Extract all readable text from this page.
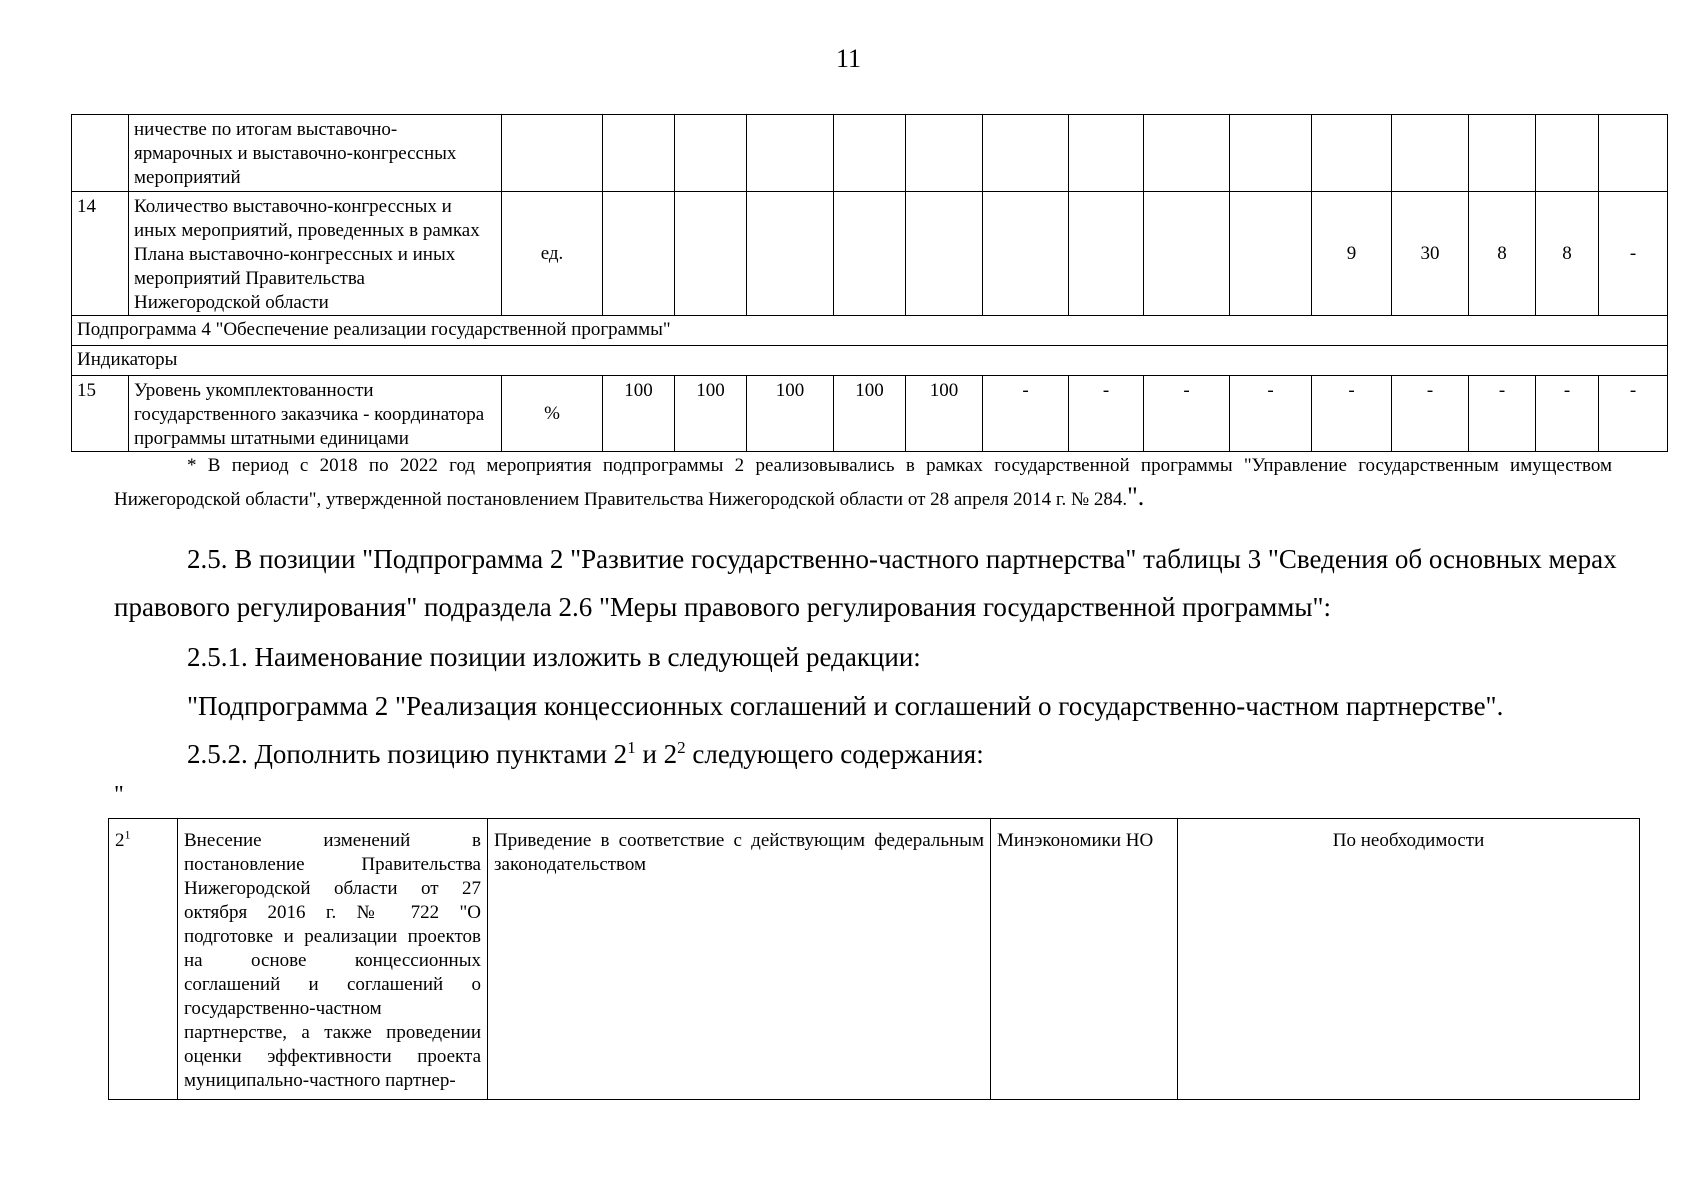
11
	ничестве по итогам выставочно-ярмарочных и выставочно-конгрессных мероприятий															
14	Количество выставочно-конгрессных и иных мероприятий, проведенных в рамках Плана выставочно-конгрессных и иных мероприятий Правительства Нижегородской области	ед.										9	30	8	8	-
Подпрограмма 4 "Обеспечение реализации государственной программы"																
Индикаторы																
15	Уровень укомплектованности государственного заказчика - координатора программы штатными единицами	%	100	100	100	100	100	-	-	-	-	-	-	-	-	-
* В период с 2018 по 2022 год мероприятия подпрограммы 2 реализовывались в рамках государственной программы "Управление государственным имуществом Нижегородской области", утвержденной постановлением Правительства Нижегородской области от 28 апреля 2014 г. № 284.".
2.5. В позиции "Подпрограмма 2 "Развитие государственно-частного партнерства" таблицы 3 "Сведения об основных мерах правового регулирования" подраздела 2.6 "Меры правового регулирования государственной программы":
2.5.1. Наименование позиции изложить в следующей редакции:
"Подпрограмма 2 "Реализация концессионных соглашений и соглашений о государственно-частном партнерстве".
2.5.2. Дополнить позицию пунктами $2^1$ и $2^2$ следующего содержания:
"
$2^1$	Внесение изменений в постановление Правительства Нижегородской области от 27 октября 2016 г. № 722 "О подготовке и реализации проектов на основе концессионных соглашений и соглашений о государственно-частном партнерстве, а также проведении оценки эффективности проекта муниципально-частного партнер-	Приведение в соответствие с действующим федеральным законодательством	Минэкономики НО	По необходимости
